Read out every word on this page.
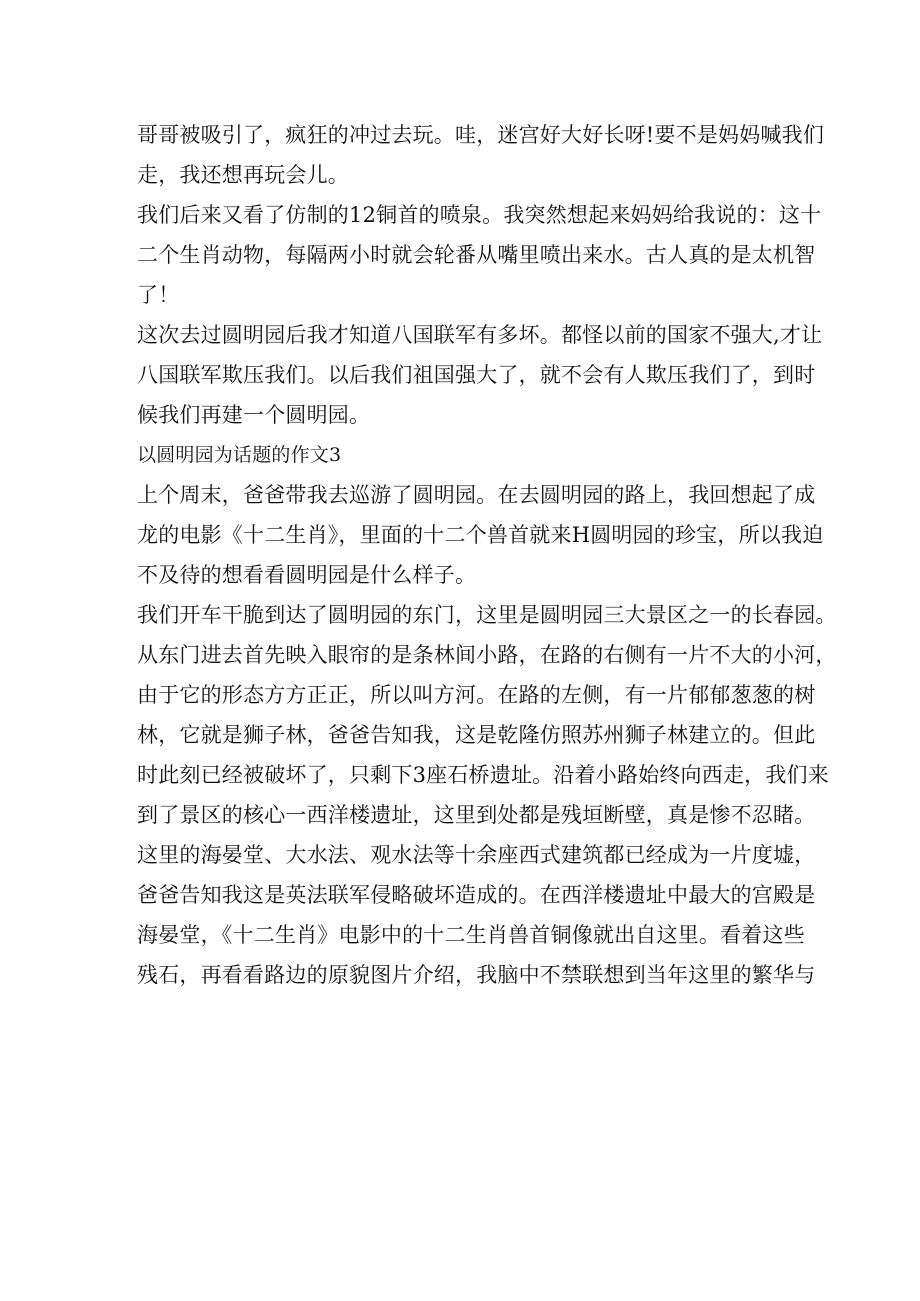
哥哥被吸引了，疯狂的冲过去玩。哇，迷宫好大好长呀!要不是妈妈喊我们
走，我还想再玩会儿。
我们后来又看了仿制的12铜首的喷泉。我突然想起来妈妈给我说的：这十
二个生肖动物，每隔两小时就会轮番从嘴里喷出来水。古人真的是太机智
了！
这次去过圆明园后我才知道八国联军有多坏。都怪以前的国家不强大,才让
八国联军欺压我们。以后我们祖国强大了，就不会有人欺压我们了，到时
候我们再建一个圆明园。
以圆明园为话题的作文3
上个周末，爸爸带我去巡游了圆明园。在去圆明园的路上，我回想起了成
龙的电影《十二生肖》，里面的十二个兽首就来H圆明园的珍宝，所以我迫
不及待的想看看圆明园是什么样子。
我们开车干脆到达了圆明园的东门，这里是圆明园三大景区之一的长春园。
从东门进去首先映入眼帘的是条林间小路，在路的右侧有一片不大的小河，
由于它的形态方方正正，所以叫方河。在路的左侧，有一片郁郁葱葱的树
林，它就是狮子林，爸爸告知我，这是乾隆仿照苏州狮子林建立的。但此
时此刻已经被破坏了，只剩下3座石桥遗址。沿着小路始终向西走，我们来
到了景区的核心一西洋楼遗址，这里到处都是残垣断壁，真是惨不忍睹。
这里的海晏堂、大水法、观水法等十余座西式建筑都已经成为一片度墟，
爸爸告知我这是英法联军侵略破坏造成的。在西洋楼遗址中最大的宫殿是
海晏堂，《十二生肖》电影中的十二生肖兽首铜像就出自这里。看着这些
残石，再看看路边的原貌图片介绍，我脑中不禁联想到当年这里的繁华与
